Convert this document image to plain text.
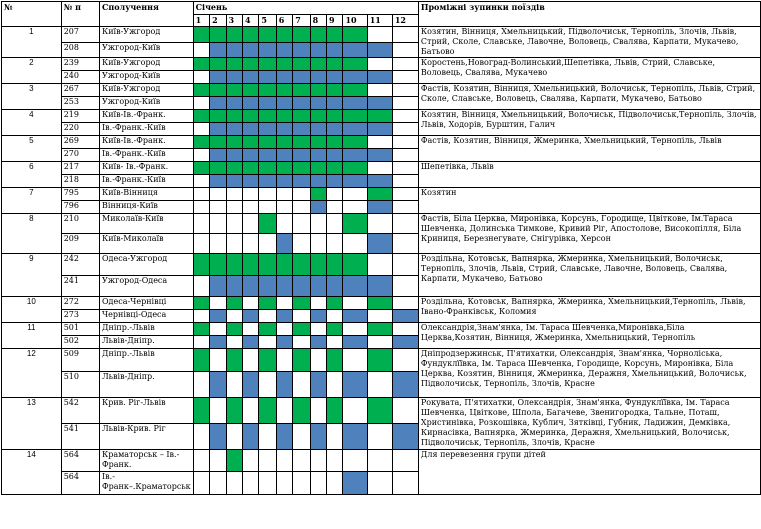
№	№ п	Сполучення	Січень												Проміжні зупинки поїздів
			1	2	3	4	5	6	7	8	9	10	11	12	
1	207	Київ-Ужгород													Козятин, Вінниця, Хмельницький, Підволочиськ, Тернопіль, Злочів, Львів, Стрий, Сколе, Славське, Лавочне, Воловець, Свалява, Карпати, Мукачево, Батьово
	208	Ужгород-Київ													
2	239	Київ-Ужгород													Коростень,Новоград-Волинський,Шепетівка, Львів, Стрий, Славське, Воловець, Свалява, Мукачево
	240	Ужгород-Київ													
3	267	Київ-Ужгород													Фастів, Козятин, Вінниця, Хмельницький, Волочиськ, Тернопіль, Львів, Стрий, Сколе, Славське, Воловець, Свалява, Карпати, Мукачево, Батьово
	253	Ужгород-Київ													
4	219	Київ-Ів.-Франк.													Козятин, Вінниця, Хмельницький, Волочиськ, Підволочиськ,Тернопіль, Злочів, Львів, Ходорів, Бурштин, Галич
	220	Ів.-Франк.-Київ													
5	269	Київ-Ів.-Франк.													Фастів, Козятин, Вінниця, Жмеринка, Хмельницький, Тернопіль, Львів
	270	Ів.-Франк.-Київ													
6	217	Київ- Ів.-Франк.													Шепетівка, Львів
	218	Ів.-Франк.-Київ													
7	795	Київ-Вінниця													Козятин
	796	Вінниця-Київ													
8	210	Миколаїв-Київ													Фастів, Біла Церква, Миронівка, Корсунь, Городище, Цвіткове, Ім.Тараса Шевченка, Долинська Тимкове, Кривий Ріг, Апостолове, Високопілля, Біла Криниця, Березнегувате, Снігурівка, Херсон
	209	Київ-Миколаїв													
9	242	Одеса-Ужгород													Роздільна, Котовськ, Вапнярка, Жмеринка, Хмельницький, Волочиськ, Тернопіль, Злочів, Львів, Стрий, Славське, Лавочне, Воловець, Свалява, Карпати, Мукачево, Батьово
	241	Ужгород-Одеса													
10	272	Одеса-Чернівці													Роздільна, Котовськ, Вапнярка, Жмеринка, Хмельницький,Тернопіль, Львів, Івано-Франківськ, Коломия
	273	Чернівці-Одеса													
11	501	Дніпр.-Львів													Олександрія,Знам'янка, Ім. Тараса Шевченка,Миронівка,Біла Церква,Козятин, Вінниця, Жмеринка, Хмельницький, Тернопіль
	502	Львів-Дніпр.													
12	509	Дніпр.-Львів													Дніпродзержинськ, П'ятихатки, Олександрія, Знам'янка, Чорноліська, Фундуклїївка, Ім. Тараса Шевченка, Городище, Корсунь, Миронівка, Біла Церква, Козятин, Вінниця, Жмеринка, Деражня, Хмельницький, Волочиськ, Підволочиськ, Тернопіль, Злочів, Красне
	510	Львів-Дніпр.													
13	542	Крив. Ріг-Львів													Рокувата, П'ятихатки, Олександрія, Знам'янка, Фундуклїївка, Ім. Тараса Шевченка, Цвіткове, Шпола, Багачеве, Звенигородка, Тальне, Поташ, Христинівка, Розкошівка, Кублич, Зятківці, Губник, Ладижин, Демківка, Кирнасівка, Вапнярка, Жмеринка, Деражня, Хмельницький, Волочиськ, Підволочиськ, Тернопіль, Злочів, Красне
	541	Львів-Крив. Ріг													
14	564	Краматорськ – Ів.-Франк.													Для перевезення групи дітей
	564	Ів.-Франк–.Краматорськ													
